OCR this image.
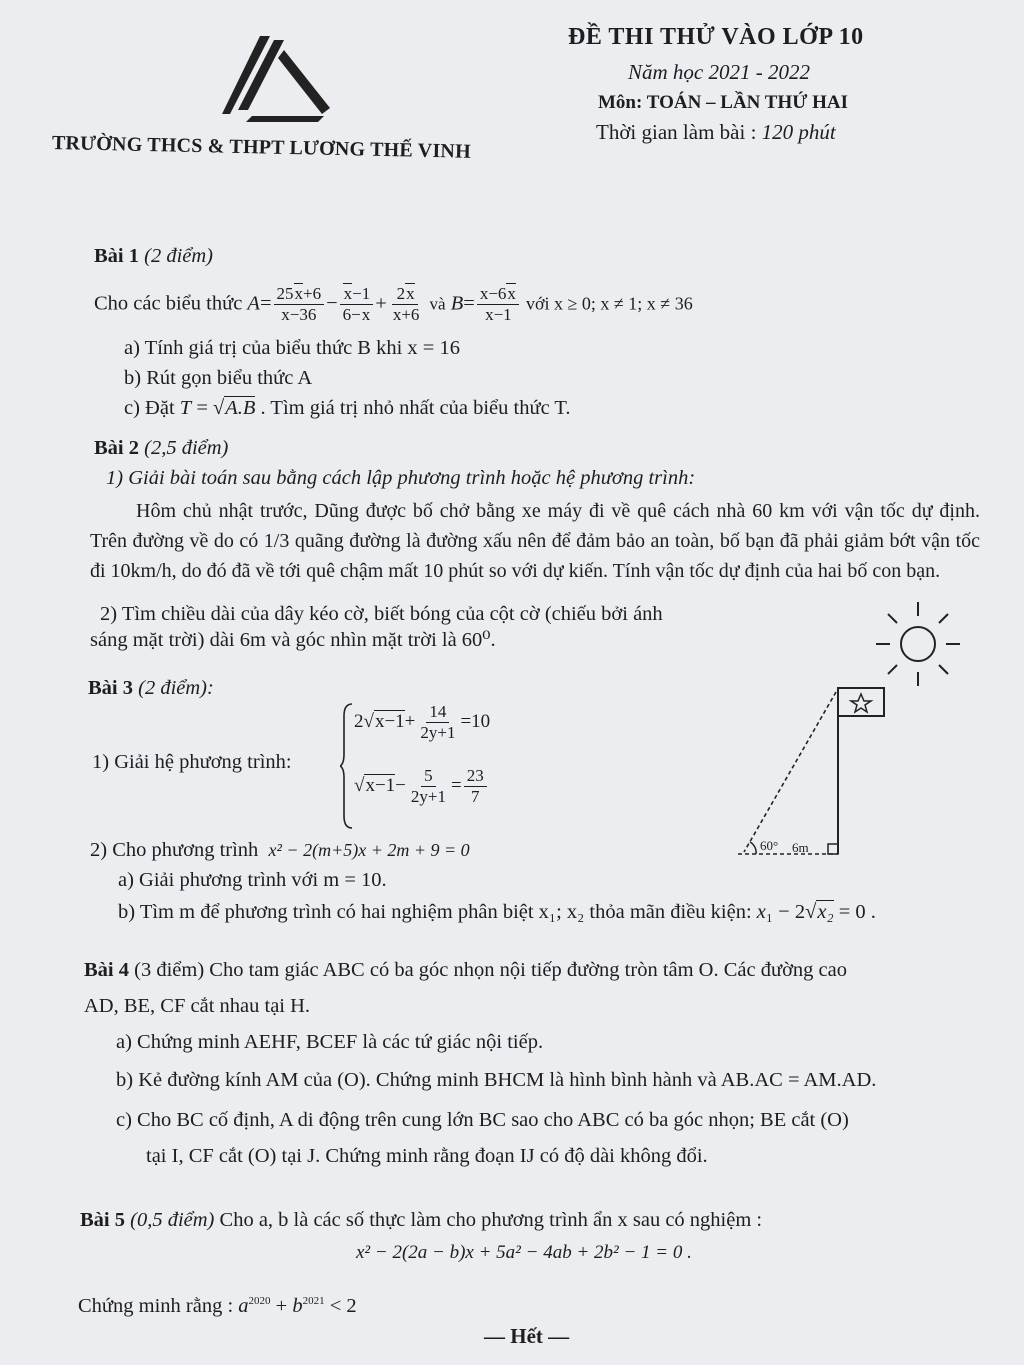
TRƯỜNG THCS & THPT LƯƠNG THẾ VINH
ĐỀ THI THỬ VÀO LỚP 10
Năm học 2021 - 2022
Môn: TOÁN – LẦN THỨ HAI
Thời gian làm bài : 120 phút
Bài 1 (2 điểm)
Cho các biểu thức $A= \frac{25x+6}{x-36} - \frac{x-1}{6-x} + \frac{2x}{x+6}$ và $B= \frac{x-6x}{x-1}$ với x ≥ 0; x ≠ 1; x ≠ 36
a) Tính giá trị của biểu thức B khi x = 16
b) Rút gọn biểu thức A
c) Đặt T = √A.B . Tìm giá trị nhỏ nhất của biểu thức T.
Bài 2 (2,5 điểm)
1) Giải bài toán sau bằng cách lập phương trình hoặc hệ phương trình:
Hôm chủ nhật trước, Dũng được bố chở bằng xe máy đi về quê cách nhà 60 km với vận tốc dự định. Trên đường về do có 1/3 quãng đường là đường xấu nên để đảm bảo an toàn, bố bạn đã phải giảm bớt vận tốc đi 10km/h, do đó đã về tới quê chậm mất 10 phút so với dự kiến. Tính vận tốc dự định của hai bố con bạn.
2) Tìm chiều dài của dây kéo cờ, biết bóng của cột cờ (chiếu bởi ánh
sáng mặt trời) dài 6m và góc nhìn mặt trời là 60⁰.
60° 6m
Bài 3 (2 điểm):
1) Giải hệ phương trình:
$2√x-1+ \frac{14}{2y+1} =10$
$√x-1- \frac{5}{2y+1} = \frac{23}{7}$
2) Cho phương trình x² − 2(m+5)x + 2m + 9 = 0
a) Giải phương trình với m = 10.
b) Tìm m để phương trình có hai nghiệm phân biệt x₁; x₂ thỏa mãn điều kiện: x₁ − 2√x₂ = 0 .
Bài 4 (3 điểm) Cho tam giác ABC có ba góc nhọn nội tiếp đường tròn tâm O. Các đường cao
AD, BE, CF cắt nhau tại H.
a) Chứng minh AEHF, BCEF là các tứ giác nội tiếp.
b) Kẻ đường kính AM của (O). Chứng minh BHCM là hình bình hành và AB.AC = AM.AD.
c) Cho BC cố định, A di động trên cung lớn BC sao cho ABC có ba góc nhọn; BE cắt (O)
tại I, CF cắt (O) tại J. Chứng minh rằng đoạn IJ có độ dài không đổi.
Bài 5 (0,5 điểm) Cho a, b là các số thực làm cho phương trình ẩn x sau có nghiệm :
x² − 2(2a − b)x + 5a² − 4ab + 2b² − 1 = 0 .
Chứng minh rằng : $a^{2020} + b^{2021} < 2$
— Hết —
